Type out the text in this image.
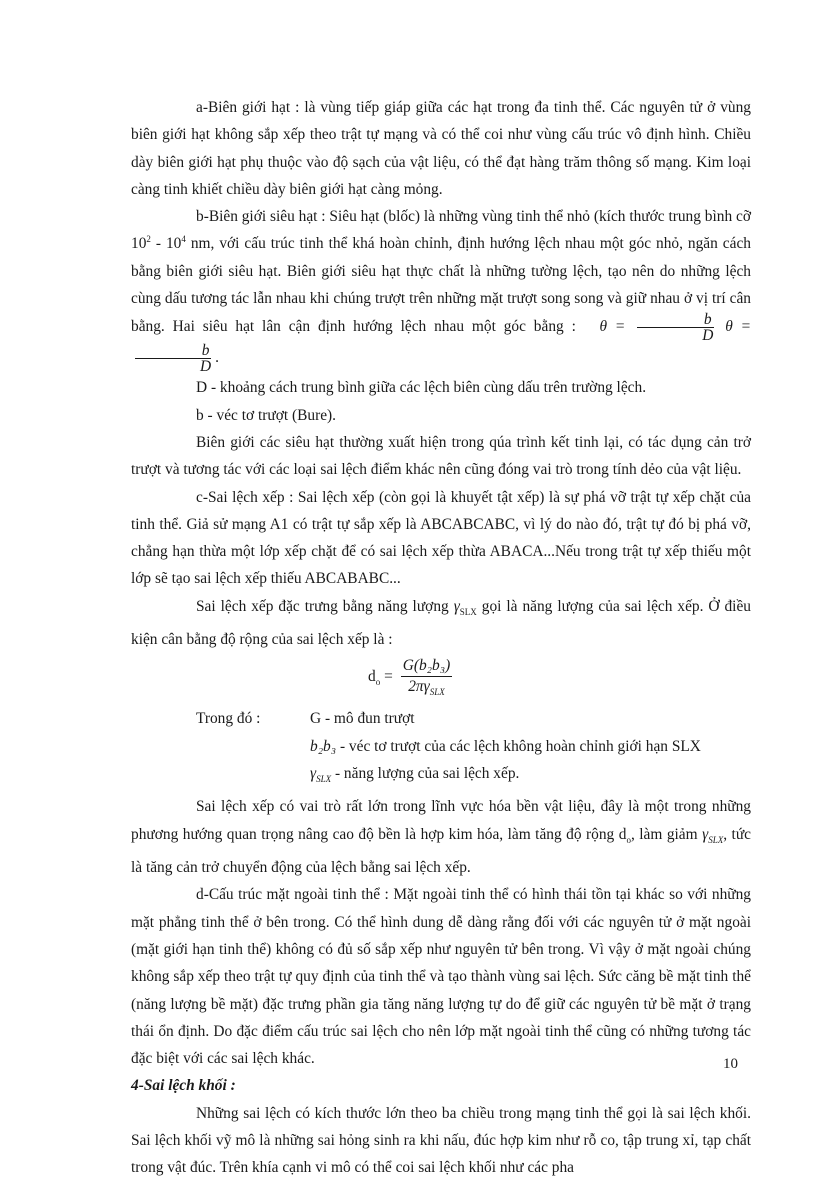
a-Biên giới hạt : là vùng tiếp giáp giữa các hạt trong đa tinh thể. Các nguyên tử ở vùng biên giới hạt không sắp xếp theo trật tự mạng và có thể coi như vùng cấu trúc vô định hình. Chiều dày biên giới hạt phụ thuộc vào độ sạch của vật liệu, có thể đạt hàng trăm thông số mạng. Kim loại càng tinh khiết chiều dày biên giới hạt càng mỏng.

b-Biên giới siêu hạt : Siêu hạt (blốc) là những vùng tinh thể nhỏ (kích thước trung bình cỡ $10^2 - 10^4$ nm, với cấu trúc tinh thể khá hoàn chỉnh, định hướng lệch nhau một góc nhỏ, ngăn cách bằng biên giới siêu hạt. Biên giới siêu hạt thực chất là những tường lệch, tạo nên do những lệch cùng dấu tương tác lẫn nhau khi chúng trượt trên những mặt trượt song song và giữ nhau ở vị trí cân bằng. Hai siêu hạt lân cận định hướng lệch nhau một góc bằng : $\theta = \frac{b}{D}$ θ =
$\frac{b}{D}$ .

D - khoảng cách trung bình giữa các lệch biên cùng dấu trên trường lệch.

b - véc tơ trượt (Bure).

Biên giới các siêu hạt thường xuất hiện trong qúa trình kết tinh lại, có tác dụng cản trở trượt và tương tác với các loại sai lệch điểm khác nên cũng đóng vai trò trong tính dẻo của vật liệu.

c-Sai lệch xếp : Sai lệch xếp (còn gọi là khuyết tật xếp) là sự phá vỡ trật tự xếp chặt của tinh thể. Giả sử mạng A1 có trật tự sắp xếp là ABCABCABC, vì lý do nào đó, trật tự đó bị phá vỡ, chẳng hạn thừa một lớp xếp chặt để có sai lệch xếp thừa ABACA...Nếu trong trật tự xếp thiếu một lớp sẽ tạo sai lệch xếp thiếu ABCABABC...

Sai lệch xếp đặc trưng bằng năng lượng $\gamma_{SLX}$ gọi là năng lượng của sai lệch xếp. Ở điều kiện cân bằng độ rộng của sai lệch xếp là :

$d_o = \frac{\text{G(b₂b₃)}}{2\pi\gamma_{SLX}}$
Trong đó :	G - mô đun trượt
b₂b₃ - véc tơ trượt của các lệch không hoàn chỉnh giới hạn SLX
$\gamma_{SLX}$ - năng lượng của sai lệch xếp.

Sai lệch xếp có vai trò rất lớn trong lĩnh vực hóa bền vật liệu, đây là một trong những phương hướng quan trọng nâng cao độ bền là hợp kim hóa, làm tăng độ rộng $d_o$, làm giảm $\gamma_{SLX}$, tức là tăng cản trở chuyển động của lệch bằng sai lệch xếp.

d-Cấu trúc mặt ngoài tinh thể : Mặt ngoài tinh thể có hình thái tồn tại khác so với những mặt phẳng tinh thể ở bên trong. Có thể hình dung dễ dàng rằng đối với các nguyên tử ở mặt ngoài (mặt giới hạn tinh thể) không có đủ số sắp xếp như nguyên tử bên trong. Vì vậy ở mặt ngoài chúng không sắp xếp theo trật tự quy định của tinh thể và tạo thành vùng sai lệch. Sức căng bề mặt tinh thể (năng lượng bề mặt) đặc trưng phần gia tăng năng lượng tự do để giữ các nguyên tử bề mặt ở trạng thái ổn định. Do đặc điểm cấu trúc sai lệch cho nên lớp mặt ngoài tinh thể cũng có những tương tác đặc biệt với các sai lệch khác.

4-Sai lệch khối :

Những sai lệch có kích thước lớn theo ba chiều trong mạng tinh thể gọi là sai lệch khối. Sai lệch khối vỹ mô là những sai hỏng sinh ra khi nấu, đúc hợp kim như rỗ co, tập trung xỉ, tạp chất trong vật đúc. Trên khía cạnh vi mô có thể coi sai lệch khối như các pha

10
